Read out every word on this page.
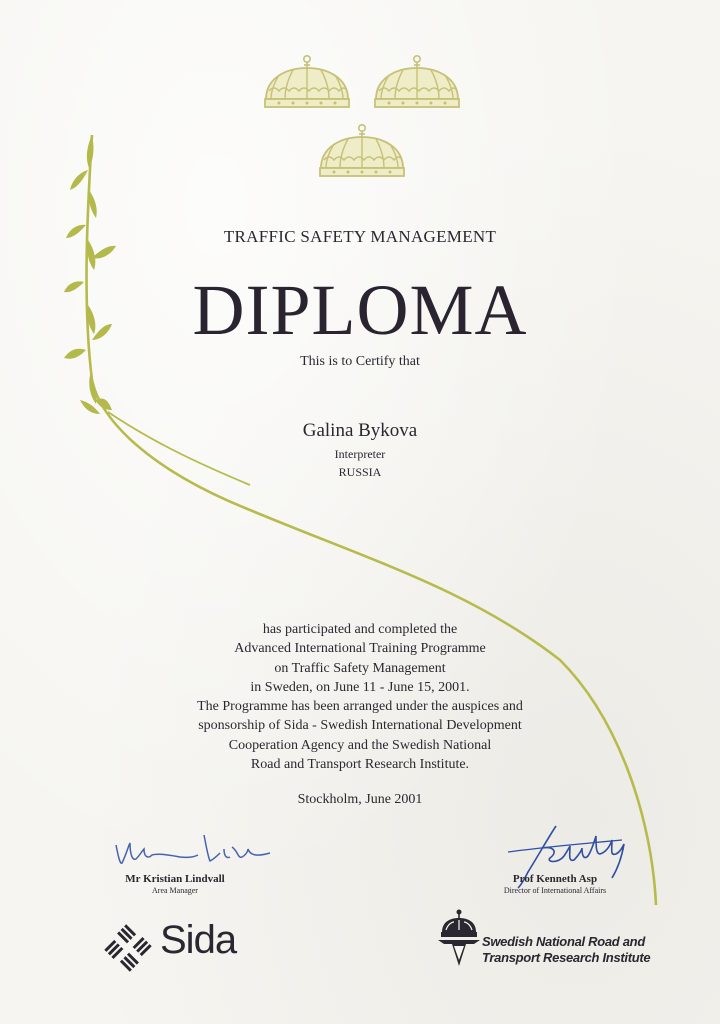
TRAFFIC SAFETY MANAGEMENT
DIPLOMA
This is to Certify that
Galina Bykova
Interpreter
RUSSIA
has participated and completed the
Advanced International Training Programme
on Traffic Safety Management
in Sweden, on June 11 - June 15, 2001.
The Programme has been arranged under the auspices and
sponsorship of Sida - Swedish International Development
Cooperation Agency and the Swedish National
Road and Transport Research Institute.
Stockholm, June 2001
Mr Kristian Lindvall
Area Manager
Prof Kenneth Asp
Director of International Affairs
Sida	Swedish National Road and
Transport Research Institute
